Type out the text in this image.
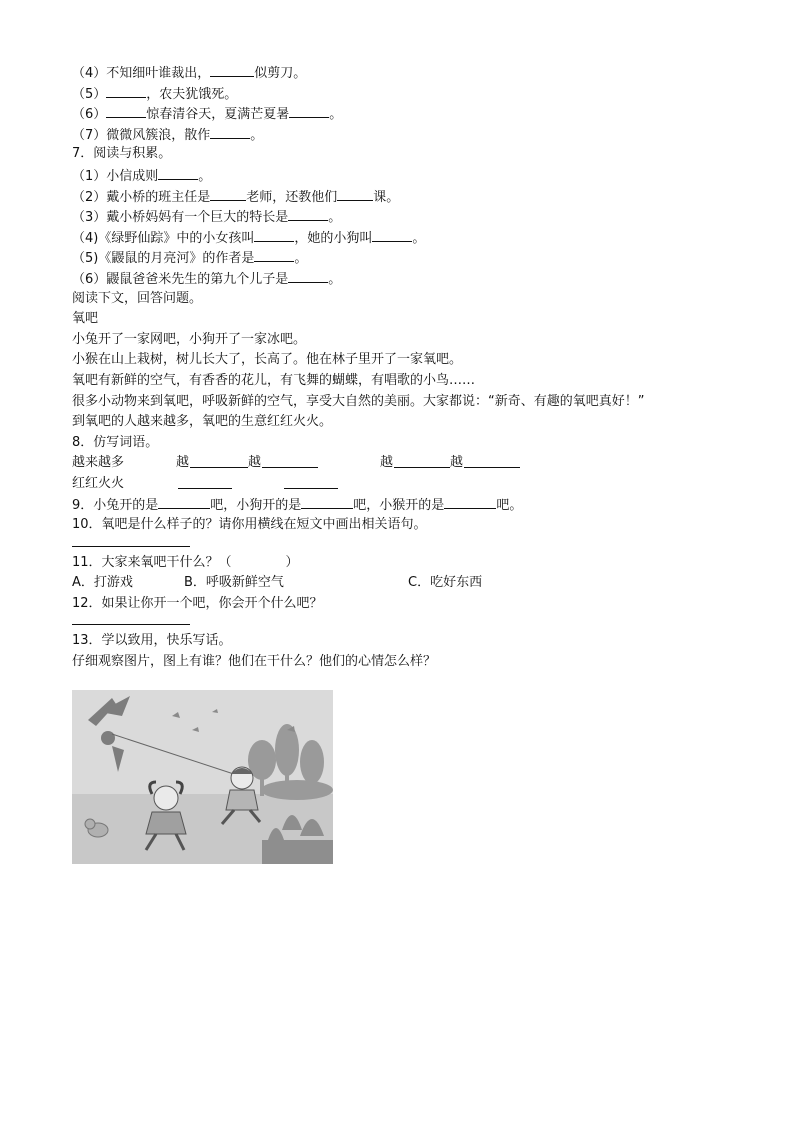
（4）不知细叶谁裁出，	似剪刀。
（5）	，农夫犹饿死。
（6）	惊春清谷天，夏满芒夏暑	。
（7）微微风簇浪，散作	。
7．阅读与积累。
（1）小信成则	。
（2）戴小桥的班主任是	老师，还教他们	课。
（3）戴小桥妈妈有一个巨大的特长是	。
（4)《绿野仙踪》中的小女孩叫	，她的小狗叫	。
（5)《鼹鼠的月亮河》的作者是	。
（6）鼹鼠爸爸米先生的第九个儿子是	。
阅读下文，回答问题。
氧吧
小兔开了一家网吧，小狗开了一家冰吧。
小猴在山上栽树，树儿长大了，长高了。他在林子里开了一家氧吧。
氧吧有新鲜的空气，有香香的花儿，有飞舞的蝴蝶，有唱歌的小鸟……
很多小动物来到氧吧，呼吸新鲜的空气，享受大自然的美丽。大家都说：“新奇、有趣的氧吧真好！”
到氧吧的人越来越多，氧吧的生意红红火火。
8．仿写词语。
越来越多	越	越	越	越
红红火火
9．小兔开的是	吧，小狗开的是	吧，小猴开的是	吧。
10．氧吧是什么样子的？请你用横线在短文中画出相关语句。
11．大家来氧吧干什么？（	）
A．打游戏	B．呼吸新鲜空气	C．吃好东西
12．如果让你开一个吧，你会开个什么吧？
13．学以致用，快乐写话。
仔细观察图片，图上有谁？他们在干什么？他们的心情怎么样？
